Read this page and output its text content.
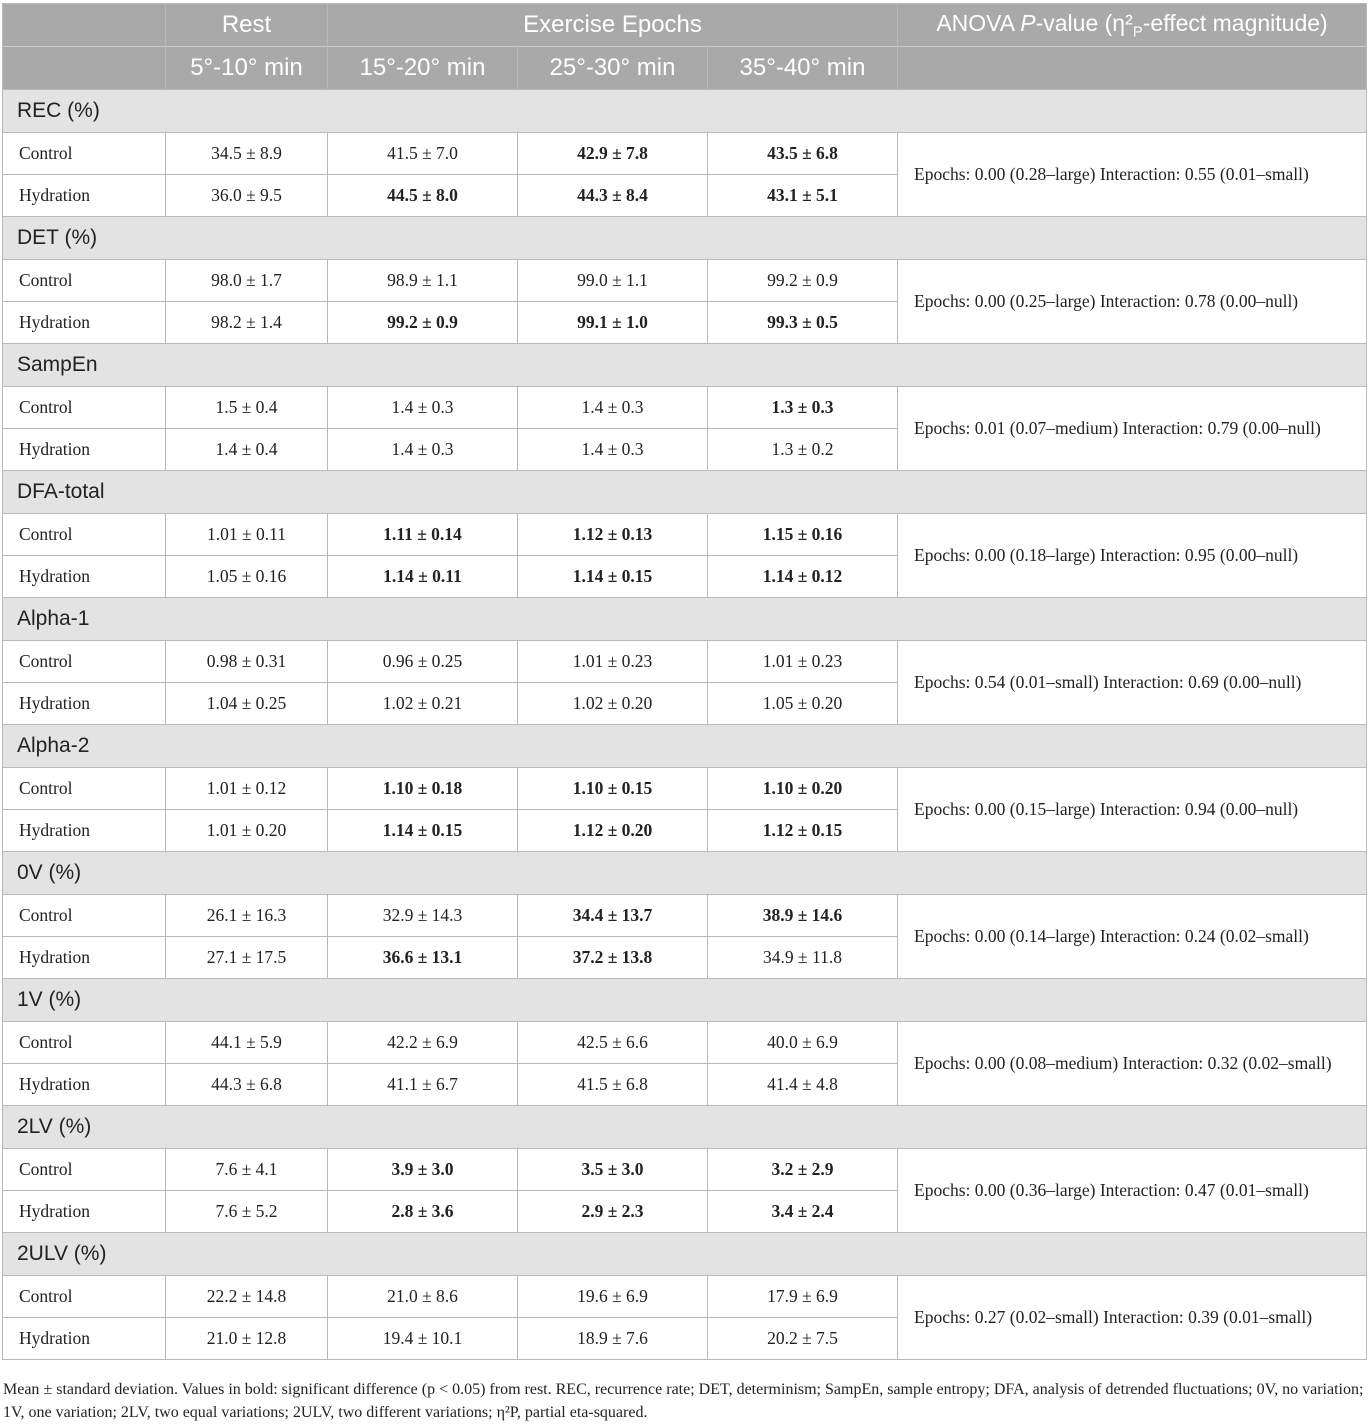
	Rest	Exercise Epochs			ANOVA P-value ($\eta^2_P$-effect magnitude)
	5°-10° min	15°-20° min	25°-30° min	35°-40° min	
REC (%)					
Control	34.5 ± 8.9	41.5 ± 7.0	42.9 ± 7.8	43.5 ± 6.8	Epochs: 0.00 (0.28–large) Interaction: 0.55 (0.01–small)
Hydration	36.0 ± 9.5	44.5 ± 8.0	44.3 ± 8.4	43.1 ± 5.1	
DET (%)					
Control	98.0 ± 1.7	98.9 ± 1.1	99.0 ± 1.1	99.2 ± 0.9	Epochs: 0.00 (0.25–large) Interaction: 0.78 (0.00–null)
Hydration	98.2 ± 1.4	99.2 ± 0.9	99.1 ± 1.0	99.3 ± 0.5	
SampEn					
Control	1.5 ± 0.4	1.4 ± 0.3	1.4 ± 0.3	1.3 ± 0.3	Epochs: 0.01 (0.07–medium) Interaction: 0.79 (0.00–null)
Hydration	1.4 ± 0.4	1.4 ± 0.3	1.4 ± 0.3	1.3 ± 0.2	
DFA-total					
Control	1.01 ± 0.11	1.11 ± 0.14	1.12 ± 0.13	1.15 ± 0.16	Epochs: 0.00 (0.18–large) Interaction: 0.95 (0.00–null)
Hydration	1.05 ± 0.16	1.14 ± 0.11	1.14 ± 0.15	1.14 ± 0.12	
Alpha-1					
Control	0.98 ± 0.31	0.96 ± 0.25	1.01 ± 0.23	1.01 ± 0.23	Epochs: 0.54 (0.01–small) Interaction: 0.69 (0.00–null)
Hydration	1.04 ± 0.25	1.02 ± 0.21	1.02 ± 0.20	1.05 ± 0.20	
Alpha-2					
Control	1.01 ± 0.12	1.10 ± 0.18	1.10 ± 0.15	1.10 ± 0.20	Epochs: 0.00 (0.15–large) Interaction: 0.94 (0.00–null)
Hydration	1.01 ± 0.20	1.14 ± 0.15	1.12 ± 0.20	1.12 ± 0.15	
0V (%)					
Control	26.1 ± 16.3	32.9 ± 14.3	34.4 ± 13.7	38.9 ± 14.6	Epochs: 0.00 (0.14–large) Interaction: 0.24 (0.02–small)
Hydration	27.1 ± 17.5	36.6 ± 13.1	37.2 ± 13.8	34.9 ± 11.8	
1V (%)					
Control	44.1 ± 5.9	42.2 ± 6.9	42.5 ± 6.6	40.0 ± 6.9	Epochs: 0.00 (0.08–medium) Interaction: 0.32 (0.02–small)
Hydration	44.3 ± 6.8	41.1 ± 6.7	41.5 ± 6.8	41.4 ± 4.8	
2LV (%)					
Control	7.6 ± 4.1	3.9 ± 3.0	3.5 ± 3.0	3.2 ± 2.9	Epochs: 0.00 (0.36–large) Interaction: 0.47 (0.01–small)
Hydration	7.6 ± 5.2	2.8 ± 3.6	2.9 ± 2.3	3.4 ± 2.4	
2ULV (%)					
Control	22.2 ± 14.8	21.0 ± 8.6	19.6 ± 6.9	17.9 ± 6.9	Epochs: 0.27 (0.02–small) Interaction: 0.39 (0.01–small)
Hydration	21.0 ± 12.8	19.4 ± 10.1	18.9 ± 7.6	20.2 ± 7.5	
Mean ± standard deviation. Values in bold: significant difference (p < 0.05) from rest. REC, recurrence rate; DET, determinism; SampEn, sample entropy; DFA, analysis of detrended fluctuations; 0V, no variation; 1V, one variation; 2LV, two equal variations; 2ULV, two different variations; η²P, partial eta-squared.
